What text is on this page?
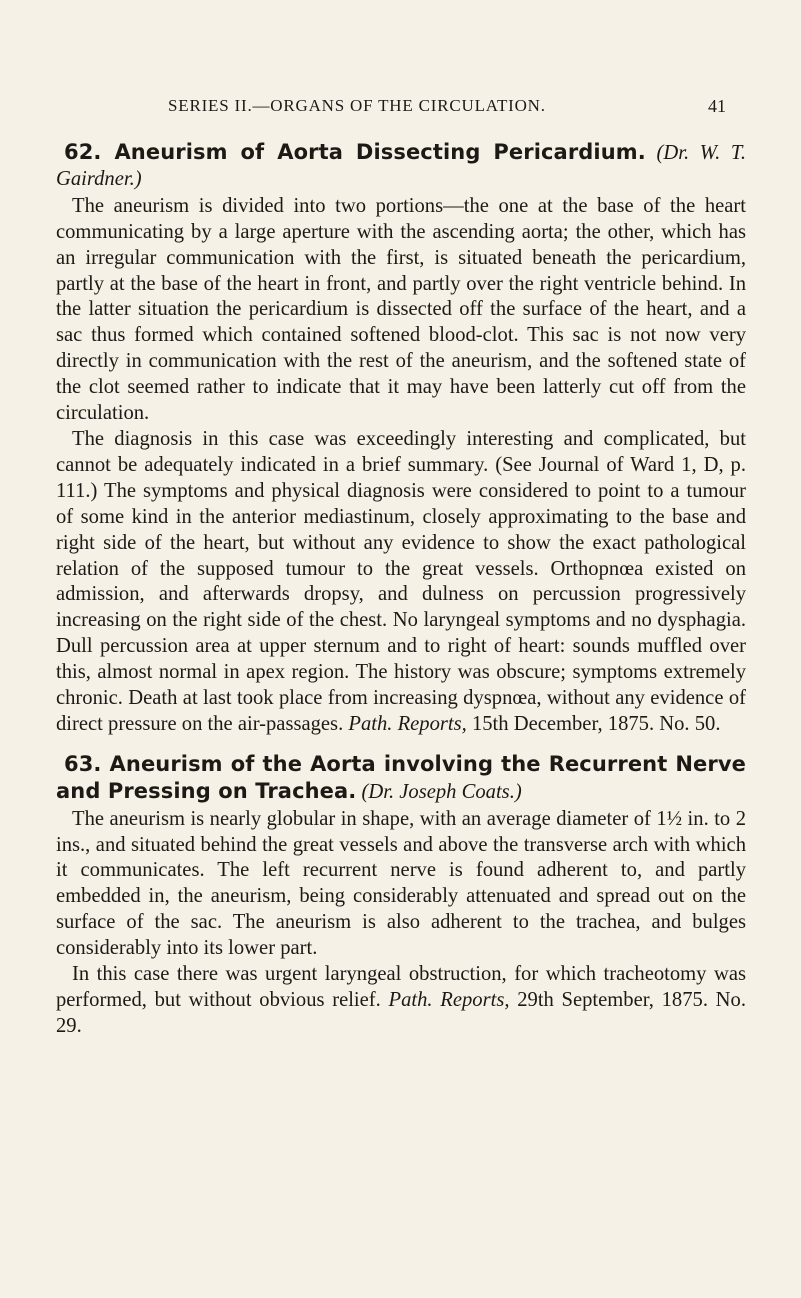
SERIES II.—ORGANS OF THE CIRCULATION.	41

62. Aneurism of Aorta Dissecting Pericardium. (Dr. W. T. Gairdner.)

The aneurism is divided into two portions—the one at the base of the heart communicating by a large aperture with the ascending aorta; the other, which has an irregular communication with the first, is situated beneath the pericardium, partly at the base of the heart in front, and partly over the right ventricle behind. In the latter situation the pericardium is dissected off the surface of the heart, and a sac thus formed which contained softened blood-clot. This sac is not now very directly in communication with the rest of the aneurism, and the softened state of the clot seemed rather to indicate that it may have been latterly cut off from the circulation.

The diagnosis in this case was exceedingly interesting and complicated, but cannot be adequately indicated in a brief summary. (See Journal of Ward 1, D, p. 111.) The symptoms and physical diagnosis were considered to point to a tumour of some kind in the anterior mediastinum, closely approximating to the base and right side of the heart, but without any evidence to show the exact pathological relation of the supposed tumour to the great vessels. Orthopnœa existed on admission, and afterwards dropsy, and dulness on percussion progressively increasing on the right side of the chest. No laryngeal symptoms and no dysphagia. Dull percussion area at upper sternum and to right of heart: sounds muffled over this, almost normal in apex region. The history was obscure; symptoms extremely chronic. Death at last took place from increasing dyspnœa, without any evidence of direct pressure on the air-passages. Path. Reports, 15th December, 1875. No. 50.

63. Aneurism of the Aorta involving the Recurrent Nerve and Pressing on Trachea. (Dr. Joseph Coats.)

The aneurism is nearly globular in shape, with an average diameter of 1½ in. to 2 ins., and situated behind the great vessels and above the transverse arch with which it communicates. The left recurrent nerve is found adherent to, and partly embedded in, the aneurism, being considerably attenuated and spread out on the surface of the sac. The aneurism is also adherent to the trachea, and bulges considerably into its lower part.

In this case there was urgent laryngeal obstruction, for which tracheotomy was performed, but without obvious relief. Path. Reports, 29th September, 1875. No. 29.
